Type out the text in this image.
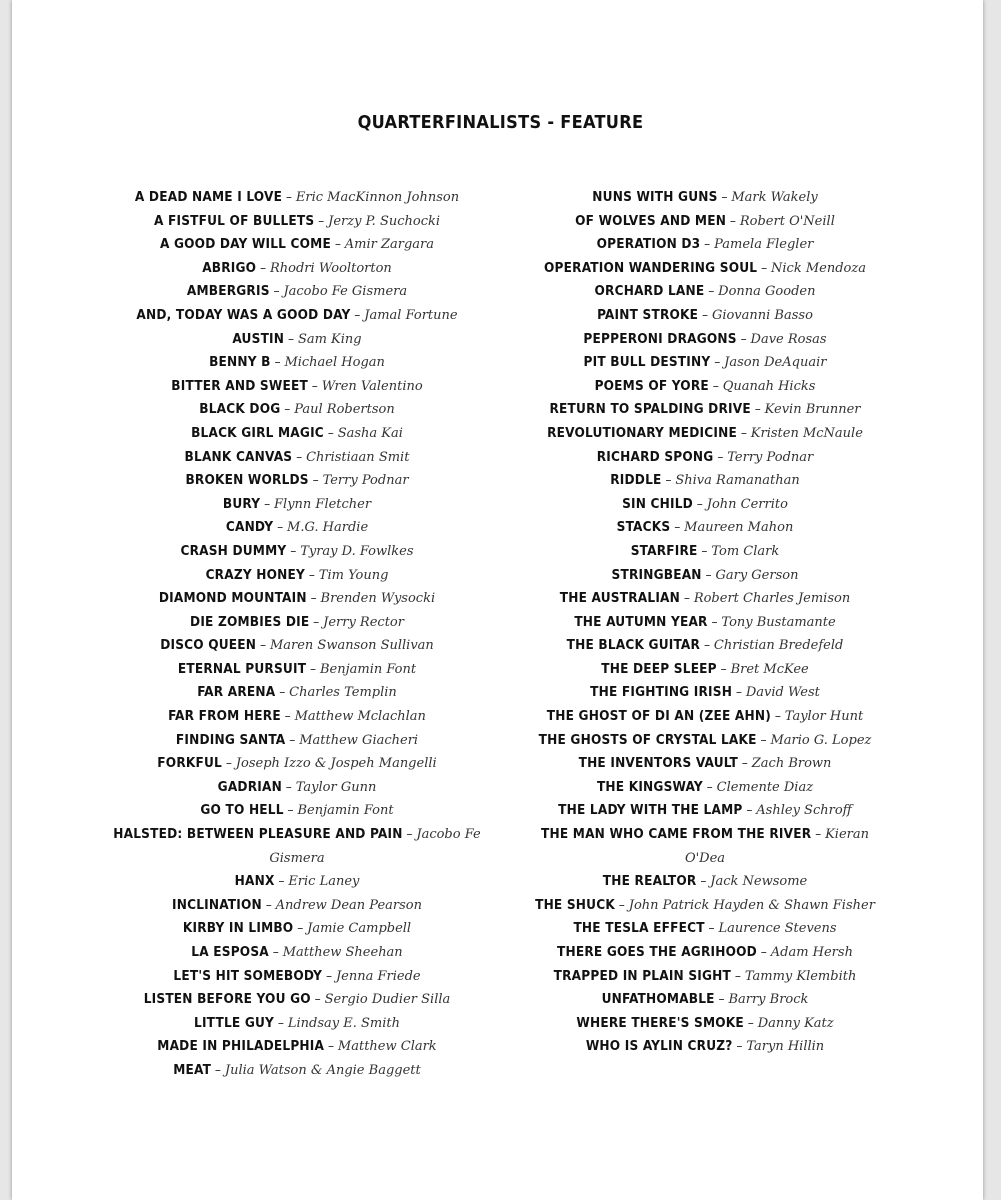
QUARTERFINALISTS - FEATURE
A DEAD NAME I LOVE – Eric MacKinnon Johnson
A FISTFUL OF BULLETS – Jerzy P. Suchocki
A GOOD DAY WILL COME – Amir Zargara
ABRIGO – Rhodri Wooltorton
AMBERGRIS – Jacobo Fe Gismera
AND, TODAY WAS A GOOD DAY – Jamal Fortune
AUSTIN – Sam King
BENNY B – Michael Hogan
BITTER AND SWEET – Wren Valentino
BLACK DOG – Paul Robertson
BLACK GIRL MAGIC – Sasha Kai
BLANK CANVAS – Christiaan Smit
BROKEN WORLDS – Terry Podnar
BURY – Flynn Fletcher
CANDY – M.G. Hardie
CRASH DUMMY – Tyray D. Fowlkes
CRAZY HONEY – Tim Young
DIAMOND MOUNTAIN – Brenden Wysocki
DIE ZOMBIES DIE – Jerry Rector
DISCO QUEEN – Maren Swanson Sullivan
ETERNAL PURSUIT – Benjamin Font
FAR ARENA – Charles Templin
FAR FROM HERE – Matthew Mclachlan
FINDING SANTA – Matthew Giacheri
FORKFUL – Joseph Izzo & Jospeh Mangelli
GADRIAN – Taylor Gunn
GO TO HELL – Benjamin Font
HALSTED: BETWEEN PLEASURE AND PAIN – Jacobo Fe Gismera
HANX – Eric Laney
INCLINATION – Andrew Dean Pearson
KIRBY IN LIMBO – Jamie Campbell
LA ESPOSA – Matthew Sheehan
LET'S HIT SOMEBODY – Jenna Friede
LISTEN BEFORE YOU GO – Sergio Dudier Silla
LITTLE GUY – Lindsay E. Smith
MADE IN PHILADELPHIA – Matthew Clark
MEAT – Julia Watson & Angie Baggett
NUNS WITH GUNS – Mark Wakely
OF WOLVES AND MEN – Robert O'Neill
OPERATION D3 – Pamela Flegler
OPERATION WANDERING SOUL – Nick Mendoza
ORCHARD LANE – Donna Gooden
PAINT STROKE – Giovanni Basso
PEPPERONI DRAGONS – Dave Rosas
PIT BULL DESTINY – Jason DeAquair
POEMS OF YORE – Quanah Hicks
RETURN TO SPALDING DRIVE – Kevin Brunner
REVOLUTIONARY MEDICINE – Kristen McNaule
RICHARD SPONG – Terry Podnar
RIDDLE – Shiva Ramanathan
SIN CHILD – John Cerrito
STACKS – Maureen Mahon
STARFIRE – Tom Clark
STRINGBEAN – Gary Gerson
THE AUSTRALIAN – Robert Charles Jemison
THE AUTUMN YEAR – Tony Bustamante
THE BLACK GUITAR – Christian Bredefeld
THE DEEP SLEEP – Bret McKee
THE FIGHTING IRISH – David West
THE GHOST OF DI AN (ZEE AHN) – Taylor Hunt
THE GHOSTS OF CRYSTAL LAKE – Mario G. Lopez
THE INVENTORS VAULT – Zach Brown
THE KINGSWAY – Clemente Diaz
THE LADY WITH THE LAMP – Ashley Schroff
THE MAN WHO CAME FROM THE RIVER – Kieran O'Dea
THE REALTOR – Jack Newsome
THE SHUCK – John Patrick Hayden & Shawn Fisher
THE TESLA EFFECT – Laurence Stevens
THERE GOES THE AGRIHOOD – Adam Hersh
TRAPPED IN PLAIN SIGHT – Tammy Klembith
UNFATHOMABLE – Barry Brock
WHERE THERE'S SMOKE – Danny Katz
WHO IS AYLIN CRUZ? – Taryn Hillin
